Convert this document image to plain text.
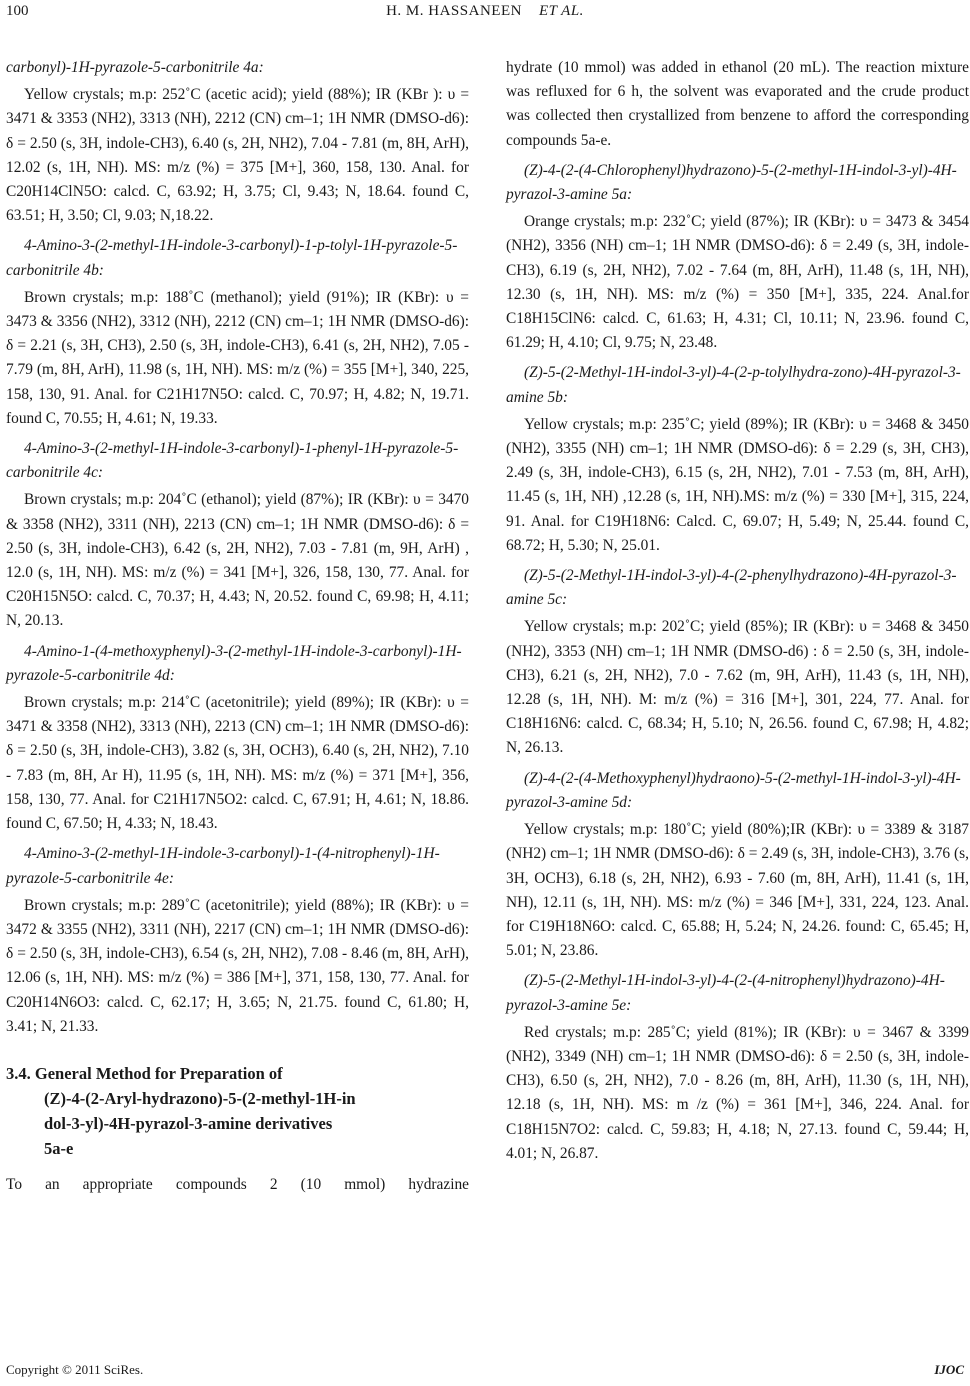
100	H. M. HASSANEEN ET AL.

carbonyl)-1H-pyrazole-5-carbonitrile 4a:

Yellow crystals; m.p: 252˚C (acetic acid); yield (88%); IR (KBr ): υ = 3471 & 3353 (NH2), 3313 (NH), 2212 (CN) cm–1; 1H NMR (DMSO-d6): δ = 2.50 (s, 3H, indole-CH3), 6.40 (s, 2H, NH2), 7.04 - 7.81 (m, 8H, ArH), 12.02 (s, 1H, NH). MS: m/z (%) = 375 [M+], 360, 158, 130. Anal. for C20H14ClN5O: calcd. C, 63.92; H, 3.75; Cl, 9.43; N, 18.64. found C, 63.51; H, 3.50; Cl, 9.03; N,18.22.

4-Amino-3-(2-methyl-1H-indole-3-carbonyl)-1-p-tolyl-1H-pyrazole-5-carbonitrile 4b:

Brown crystals; m.p: 188˚C (methanol); yield (91%); IR (KBr): υ = 3473 & 3356 (NH2), 3312 (NH), 2212 (CN) cm–1; 1H NMR (DMSO-d6): δ = 2.21 (s, 3H, CH3), 2.50 (s, 3H, indole-CH3), 6.41 (s, 2H, NH2), 7.05 - 7.79 (m, 8H, ArH), 11.98 (s, 1H, NH). MS: m/z (%) = 355 [M+], 340, 225, 158, 130, 91. Anal. for C21H17N5O: calcd. C, 70.97; H, 4.82; N, 19.71. found C, 70.55; H, 4.61; N, 19.33.

4-Amino-3-(2-methyl-1H-indole-3-carbonyl)-1-phenyl-1H-pyrazole-5-carbonitrile 4c:

Brown crystals; m.p: 204˚C (ethanol); yield (87%); IR (KBr): υ = 3470 & 3358 (NH2), 3311 (NH), 2213 (CN) cm–1; 1H NMR (DMSO-d6): δ = 2.50 (s, 3H, indole-CH3), 6.42 (s, 2H, NH2), 7.03 - 7.81 (m, 9H, ArH) , 12.0 (s, 1H, NH). MS: m/z (%) = 341 [M+], 326, 158, 130, 77. Anal. for C20H15N5O: calcd. C, 70.37; H, 4.43; N, 20.52. found C, 69.98; H, 4.11; N, 20.13.

4-Amino-1-(4-methoxyphenyl)-3-(2-methyl-1H-indole-3-carbonyl)-1H-pyrazole-5-carbonitrile 4d:

Brown crystals; m.p: 214˚C (acetonitrile); yield (89%); IR (KBr): υ = 3471 & 3358 (NH2), 3313 (NH), 2213 (CN) cm–1; 1H NMR (DMSO-d6): δ = 2.50 (s, 3H, indole-CH3), 3.82 (s, 3H, OCH3), 6.40 (s, 2H, NH2), 7.10 - 7.83 (m, 8H, Ar H), 11.95 (s, 1H, NH). MS: m/z (%) = 371 [M+], 356, 158, 130, 77. Anal. for C21H17N5O2: calcd. C, 67.91; H, 4.61; N, 18.86. found C, 67.50; H, 4.33; N, 18.43.

4-Amino-3-(2-methyl-1H-indole-3-carbonyl)-1-(4-nitrophenyl)-1H-pyrazole-5-carbonitrile 4e:

Brown crystals; m.p: 289˚C (acetonitrile); yield (88%); IR (KBr): υ = 3472 & 3355 (NH2), 3311 (NH), 2217 (CN) cm–1; 1H NMR (DMSO-d6): δ = 2.50 (s, 3H, indole-CH3), 6.54 (s, 2H, NH2), 7.08 - 8.46 (m, 8H, ArH), 12.06 (s, 1H, NH). MS: m/z (%) = 386 [M+], 371, 158, 130, 77. Anal. for C20H14N6O3: calcd. C, 62.17; H, 3.65; N, 21.75. found C, 61.80; H, 3.41; N, 21.33.

3.4. General Method for Preparation of
(Z)-4-(2-Aryl-hydrazono)-5-(2-methyl-1H-in
dol-3-yl)-4H-pyrazol-3-amine derivatives
5a-e

To an appropriate compounds 2 (10 mmol) hydrazine

hydrate (10 mmol) was added in ethanol (20 mL). The reaction mixture was refluxed for 6 h, the solvent was evaporated and the crude product was collected then crystallized from benzene to afford the corresponding compounds 5a-e.

(Z)-4-(2-(4-Chlorophenyl)hydrazono)-5-(2-methyl-1H-indol-3-yl)-4H-pyrazol-3-amine 5a:

Orange crystals; m.p: 232˚C; yield (87%); IR (KBr): υ = 3473 & 3454 (NH2), 3356 (NH) cm–1; 1H NMR (DMSO-d6): δ = 2.49 (s, 3H, indole-CH3), 6.19 (s, 2H, NH2), 7.02 - 7.64 (m, 8H, ArH), 11.48 (s, 1H, NH), 12.30 (s, 1H, NH). MS: m/z (%) = 350 [M+], 335, 224. Anal.for C18H15ClN6: calcd. C, 61.63; H, 4.31; Cl, 10.11; N, 23.96. found C, 61.29; H, 4.10; Cl, 9.75; N, 23.48.

(Z)-5-(2-Methyl-1H-indol-3-yl)-4-(2-p-tolylhydra-zono)-4H-pyrazol-3-amine 5b:

Yellow crystals; m.p: 235˚C; yield (89%); IR (KBr): υ = 3468 & 3450 (NH2), 3355 (NH) cm–1; 1H NMR (DMSO-d6): δ = 2.29 (s, 3H, CH3), 2.49 (s, 3H, indole-CH3), 6.15 (s, 2H, NH2), 7.01 - 7.53 (m, 8H, ArH), 11.45 (s, 1H, NH) ,12.28 (s, 1H, NH).MS: m/z (%) = 330 [M+], 315, 224, 91. Anal. for C19H18N6: Calcd. C, 69.07; H, 5.49; N, 25.44. found C, 68.72; H, 5.30; N, 25.01.

(Z)-5-(2-Methyl-1H-indol-3-yl)-4-(2-phenylhydrazono)-4H-pyrazol-3-amine 5c:

Yellow crystals; m.p: 202˚C; yield (85%); IR (KBr): υ = 3468 & 3450 (NH2), 3353 (NH) cm–1; 1H NMR (DMSO-d6) : δ = 2.50 (s, 3H, indole-CH3), 6.21 (s, 2H, NH2), 7.0 - 7.62 (m, 9H, ArH), 11.43 (s, 1H, NH), 12.28 (s, 1H, NH). M: m/z (%) = 316 [M+], 301, 224, 77. Anal. for C18H16N6: calcd. C, 68.34; H, 5.10; N, 26.56. found C, 67.98; H, 4.82; N, 26.13.

(Z)-4-(2-(4-Methoxyphenyl)hydraono)-5-(2-methyl-1H-indol-3-yl)-4H-pyrazol-3-amine 5d:

Yellow crystals; m.p: 180˚C; yield (80%);IR (KBr): υ = 3389 & 3187 (NH2) cm–1; 1H NMR (DMSO-d6): δ = 2.49 (s, 3H, indole-CH3), 3.76 (s, 3H, OCH3), 6.18 (s, 2H, NH2), 6.93 - 7.60 (m, 8H, ArH), 11.41 (s, 1H, NH), 12.11 (s, 1H, NH). MS: m/z (%) = 346 [M+], 331, 224, 123. Anal. for C19H18N6O: calcd. C, 65.88; H, 5.24; N, 24.26. found: C, 65.45; H, 5.01; N, 23.86.

(Z)-5-(2-Methyl-1H-indol-3-yl)-4-(2-(4-nitrophenyl)hydrazono)-4H-pyrazol-3-amine 5e:

Red crystals; m.p: 285˚C; yield (81%); IR (KBr): υ = 3467 & 3399 (NH2), 3349 (NH) cm–1; 1H NMR (DMSO-d6): δ = 2.50 (s, 3H, indole-CH3), 6.50 (s, 2H, NH2), 7.0 - 8.26 (m, 8H, ArH), 11.30 (s, 1H, NH), 12.18 (s, 1H, NH). MS: m /z (%) = 361 [M+], 346, 224. Anal. for C18H15N7O2: calcd. C, 59.83; H, 4.18; N, 27.13. found C, 59.44; H, 4.01; N, 26.87.

Copyright © 2011 SciRes.	IJOC
